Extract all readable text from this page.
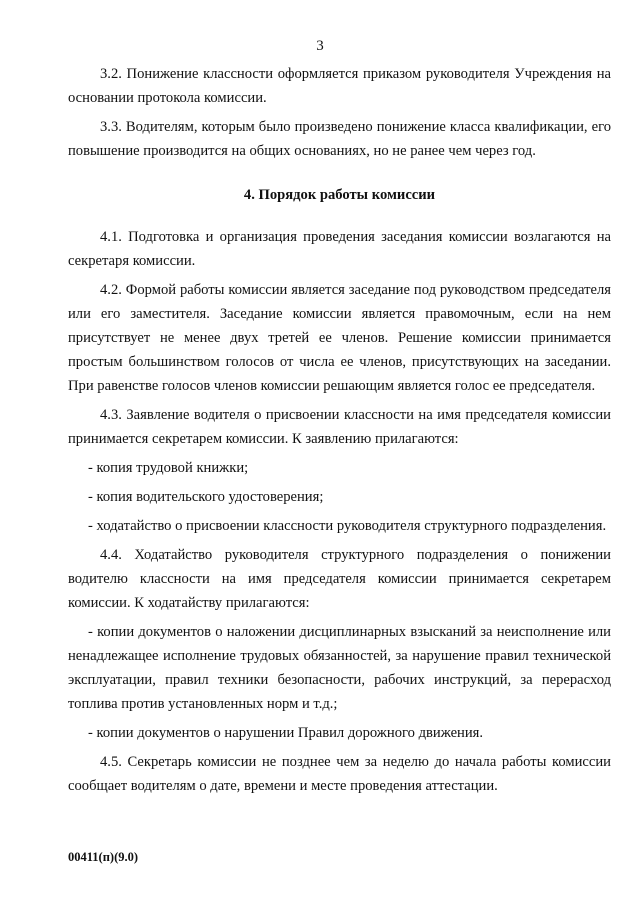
3

3.2. Понижение классности оформляется приказом руководителя Учреждения на основании протокола комиссии.

3.3. Водителям, которым было произведено понижение класса квалификации, его повышение производится на общих основаниях, но не ранее чем через год.

4. Порядок работы комиссии

4.1. Подготовка и организация проведения заседания комиссии возлагаются на секретаря комиссии.

4.2. Формой работы комиссии является заседание под руководством председателя или его заместителя. Заседание комиссии является правомочным, если на нем присутствует не менее двух третей ее членов. Решение комиссии принимается простым большинством голосов от числа ее членов, присутствующих на заседании. При равенстве голосов членов комиссии решающим является голос ее председателя.

4.3. Заявление водителя о присвоении классности на имя председателя комиссии принимается секретарем комиссии. К заявлению прилагаются:

- копия трудовой книжки;

- копия водительского удостоверения;

- ходатайство о присвоении классности руководителя структурного подразделения.

4.4. Ходатайство руководителя структурного подразделения о понижении водителю классности на имя председателя комиссии принимается секретарем комиссии. К ходатайству прилагаются:

- копии документов о наложении дисциплинарных взысканий за неисполнение или ненадлежащее исполнение трудовых обязанностей, за нарушение правил технической эксплуатации, правил техники безопасности, рабочих инструкций, за перерасход топлива против установленных норм и т.д.;

- копии документов о нарушении Правил дорожного движения.

4.5. Секретарь комиссии не позднее чем за неделю до начала работы комиссии сообщает водителям о дате, времени и месте проведения аттестации.

00411(п)(9.0)
